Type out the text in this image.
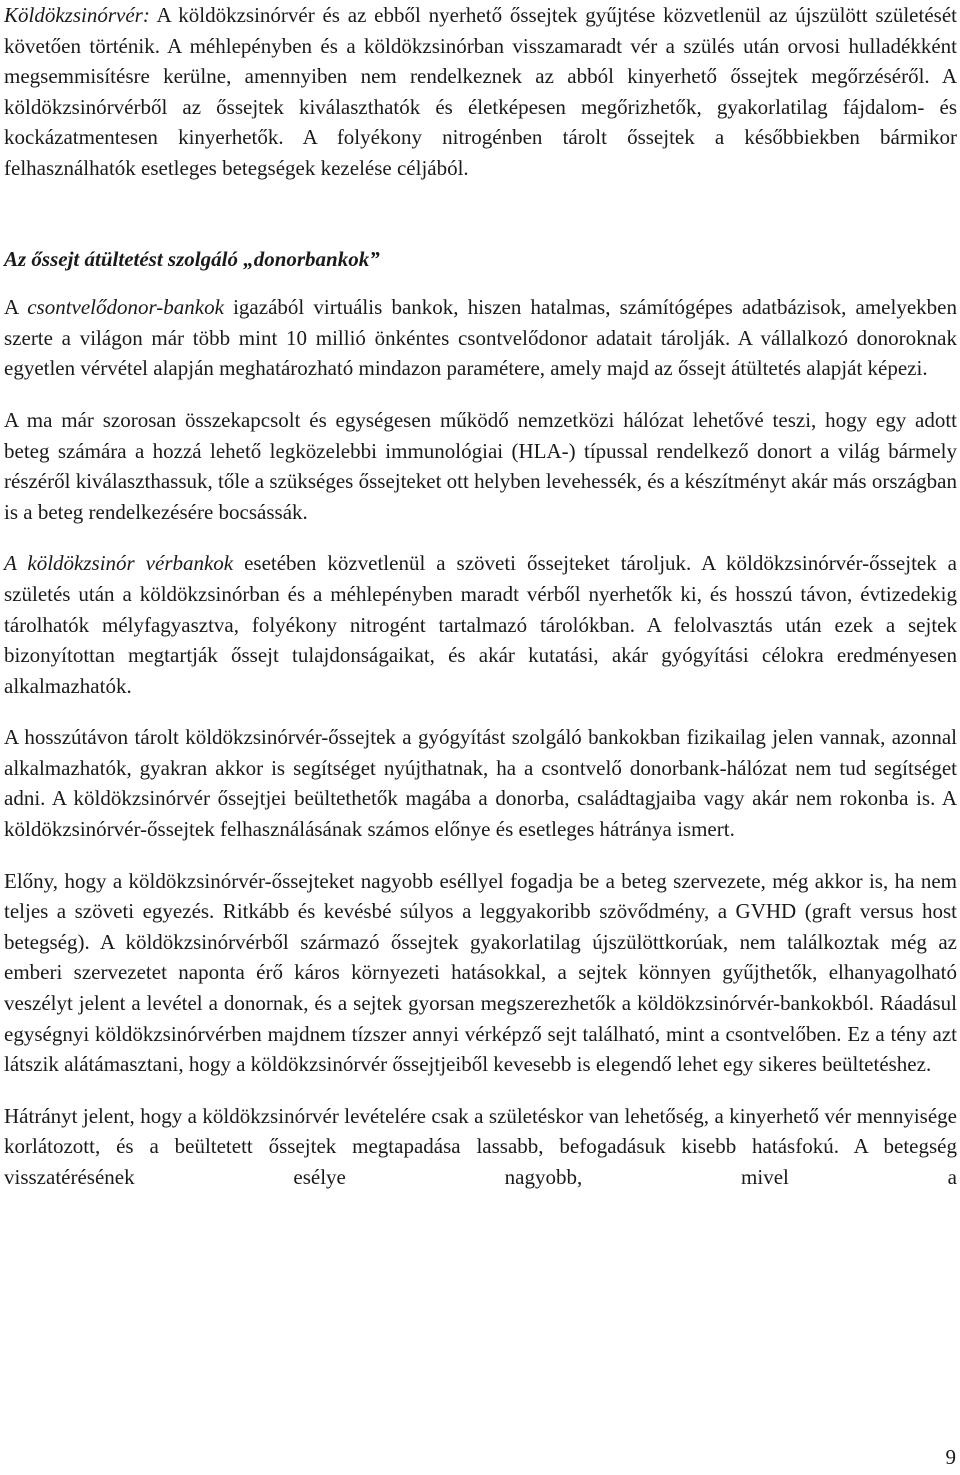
Köldökzsinórvér: A köldökzsinórvér és az ebből nyerhető őssejtek gyűjtése közvetlenül az újszülött születését követően történik. A méhlepényben és a köldökzsinórban visszamaradt vér a szülés után orvosi hulladékként megsemmisítésre kerülne, amennyiben nem rendelkeznek az abból kinyerhető őssejtek megőrzéséről. A köldökzsinórvérből az őssejtek kiválaszthatók és életképesen megőrizhetők, gyakorlatilag fájdalom- és kockázatmentesen kinyerhetők. A folyékony nitrogénben tárolt őssejtek a későbbiekben bármikor felhasználhatók esetleges betegségek kezelése céljából.

Az őssejt átültetést szolgáló „donorbankok”

A csontvelődonor-bankok igazából virtuális bankok, hiszen hatalmas, számítógépes adatbázisok, amelyekben szerte a világon már több mint 10 millió önkéntes csontvelődonor adatait tárolják. A vállalkozó donoroknak egyetlen vérvétel alapján meghatározható mindazon paramétere, amely majd az őssejt átültetés alapját képezi.

A ma már szorosan összekapcsolt és egységesen működő nemzetközi hálózat lehetővé teszi, hogy egy adott beteg számára a hozzá lehető legközelebbi immunológiai (HLA-) típussal rendelkező donort a világ bármely részéről kiválaszthassuk, tőle a szükséges őssejteket ott helyben levehessék, és a készítményt akár más országban is a beteg rendelkezésére bocsássák.

A köldökzsinór vérbankok esetében közvetlenül a szöveti őssejteket tároljuk. A köldökzsinórvér-őssejtek a születés után a köldökzsinórban és a méhlepényben maradt vérből nyerhetők ki, és hosszú távon, évtizedekig tárolhatók mélyfagyasztva, folyékony nitrogént tartalmazó tárolókban. A felolvasztás után ezek a sejtek bizonyítottan megtartják őssejt tulajdonságaikat, és akár kutatási, akár gyógyítási célokra eredményesen alkalmazhatók.

A hosszútávon tárolt köldökzsinórvér-őssejtek a gyógyítást szolgáló bankokban fizikailag jelen vannak, azonnal alkalmazhatók, gyakran akkor is segítséget nyújthatnak, ha a csontvelő donorbank-hálózat nem tud segítséget adni. A köldökzsinórvér őssejtjei beültethetők magába a donorba, családtagjaiba vagy akár nem rokonba is. A köldökzsinórvér-őssejtek felhasználásának számos előnye és esetleges hátránya ismert.

Előny, hogy a köldökzsinórvér-őssejteket nagyobb eséllyel fogadja be a beteg szervezete, még akkor is, ha nem teljes a szöveti egyezés. Ritkább és kevésbé súlyos a leggyakoribb szövődmény, a GVHD (graft versus host betegség). A köldökzsinórvérből származó őssejtek gyakorlatilag újszülöttkorúak, nem találkoztak még az emberi szervezetet naponta érő káros környezeti hatásokkal, a sejtek könnyen gyűjthetők, elhanyagolható veszélyt jelent a levétel a donornak, és a sejtek gyorsan megszerezhetők a köldökzsinórvér-bankokból. Ráadásul egységnyi köldökzsinórvérben majdnem tízszer annyi vérképző sejt található, mint a csontvelőben. Ez a tény azt látszik alátámasztani, hogy a köldökzsinórvér őssejtjeiből kevesebb is elegendő lehet egy sikeres beültetéshez.

Hátrányt jelent, hogy a köldökzsinórvér levételére csak a születéskor van lehetőség, a kinyerhető vér mennyisége korlátozott, és a beültetett őssejtek megtapadása lassabb, befogadásuk kisebb hatásfokú. A betegség visszatérésének esélye nagyobb, mivel a

9
